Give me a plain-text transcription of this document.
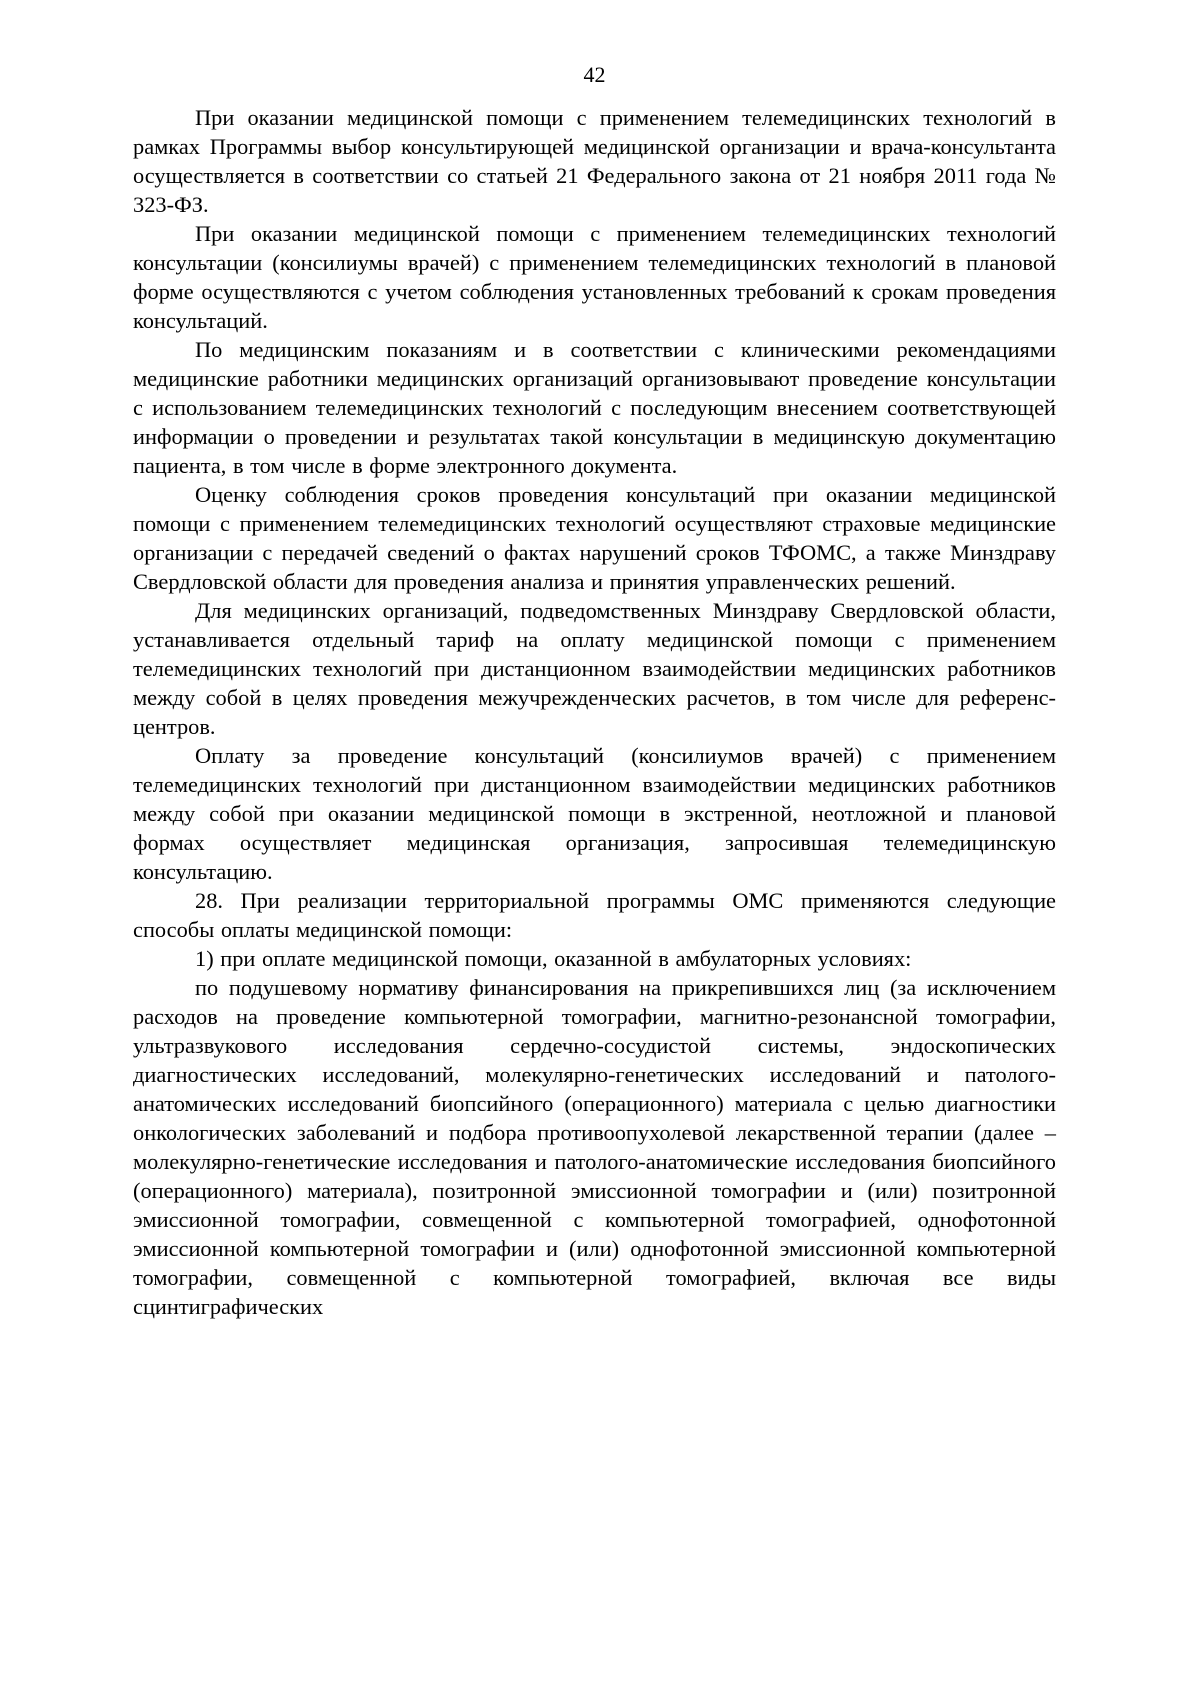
42

При оказании медицинской помощи с применением телемедицинских технологий в рамках Программы выбор консультирующей медицинской организации и врача-консультанта осуществляется в соответствии со статьей 21 Федерального закона от 21 ноября 2011 года № 323-ФЗ.

При оказании медицинской помощи с применением телемедицинских технологий консультации (консилиумы врачей) с применением телемедицинских технологий в плановой форме осуществляются с учетом соблюдения установленных требований к срокам проведения консультаций.

По медицинским показаниям и в соответствии с клиническими рекомендациями медицинские работники медицинских организаций организовывают проведение консультации с использованием телемедицинских технологий с последующим внесением соответствующей информации о проведении и результатах такой консультации в медицинскую документацию пациента, в том числе в форме электронного документа.

Оценку соблюдения сроков проведения консультаций при оказании медицинской помощи с применением телемедицинских технологий осуществляют страховые медицинские организации с передачей сведений о фактах нарушений сроков ТФОМС, а также Минздраву Свердловской области для проведения анализа и принятия управленческих решений.

Для медицинских организаций, подведомственных Минздраву Свердловской области, устанавливается отдельный тариф на оплату медицинской помощи с применением телемедицинских технологий при дистанционном взаимодействии медицинских работников между собой в целях проведения межучрежденческих расчетов, в том числе для референс-центров.

Оплату за проведение консультаций (консилиумов врачей) с применением телемедицинских технологий при дистанционном взаимодействии медицинских работников между собой при оказании медицинской помощи в экстренной, неотложной и плановой формах осуществляет медицинская организация, запросившая телемедицинскую консультацию.

28. При реализации территориальной программы ОМС применяются следующие способы оплаты медицинской помощи:

1) при оплате медицинской помощи, оказанной в амбулаторных условиях:

по подушевому нормативу финансирования на прикрепившихся лиц (за исключением расходов на проведение компьютерной томографии, магнитно-резонансной томографии, ультразвукового исследования сердечно-сосудистой системы, эндоскопических диагностических исследований, молекулярно-генетических исследований и патолого-анатомических исследований биопсийного (операционного) материала с целью диагностики онкологических заболеваний и подбора противоопухолевой лекарственной терапии (далее – молекулярно-генетические исследования и патолого-анатомические исследования биопсийного (операционного) материала), позитронной эмиссионной томографии и (или) позитронной эмиссионной томографии, совмещенной с компьютерной томографией, однофотонной эмиссионной компьютерной томографии и (или) однофотонной эмиссионной компьютерной томографии, совмещенной с компьютерной томографией, включая все виды сцинтиграфических
